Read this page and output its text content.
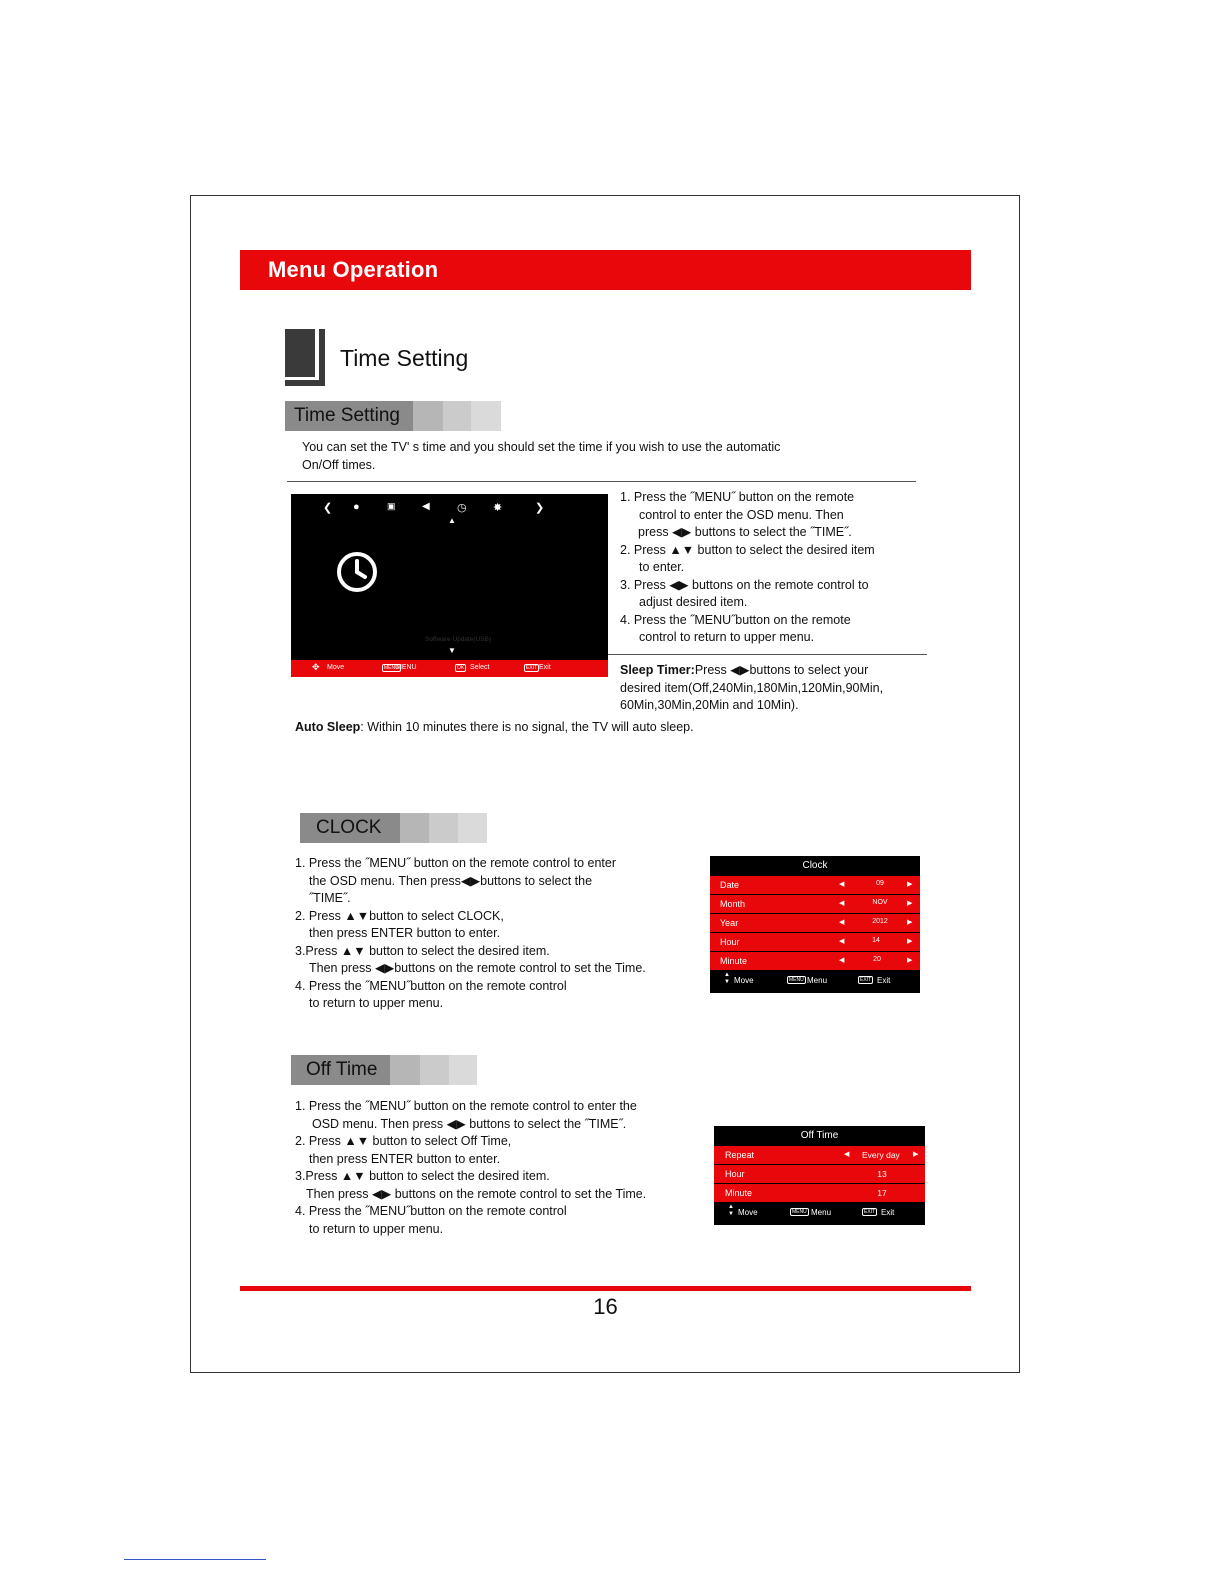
Menu Operation
Time Setting
Time Setting
You can set the TV' s time and you should set the time if you wish to use the automatic
On/Off times.
❮ ●	▣	◀ ◷ ✸	❯
▲
Software Update(USB)
▼
✥ Move	MENU
MENU	OK Select	EXIT Exit
1. Press the ˝MENU˝ button on the remote
control to enter the OSD menu. Then
press ◀▶ buttons to select the ˝TIME˝.
2. Press ▲▼ button to select the desired item
to enter.
3. Press ◀▶ buttons on the remote control to
adjust desired item.
4. Press the ˝MENU˝button on the remote
control to return to upper menu.
Sleep Timer:Press ◀▶buttons to select your
desired item(Off,240Min,180Min,120Min,90Min,
60Min,30Min,20Min and 10Min).
Auto Sleep: Within 10 minutes there is no signal, the TV will auto sleep.
CLOCK
1. Press the ˝MENU˝ button on the remote control to enter
the OSD menu. Then press◀▶buttons to select the
˝TIME˝.
2. Press ▲▼button to select CLOCK,
then press ENTER button to enter.
3.Press ▲▼ button to select the desired item.
Then press ◀▶buttons on the remote control to set the Time.
4. Press the ˝MENU˝button on the remote control
to return to upper menu.
Clock
Date	◀	09	▶
Month	◀	NOV	▶
Year	◀	2012	▶
Hour	◀	14	▶
Minute	◀	20	▶
▲
▼ Move	MENU Menu	EXIT Exit
Off Time
1. Press the ˝MENU˝ button on the remote control to enter the
OSD menu. Then press ◀▶ buttons to select the ˝TIME˝.
2. Press ▲▼ button to select Off Time,
then press ENTER button to enter.
3.Press ▲▼ button to select the desired item.
Then press ◀▶ buttons on the remote control to set the Time.
4. Press the ˝MENU˝button on the remote control
to return to upper menu.
Off Time
Repeat	◀ Every day ▶
Hour	13
Minute	17
▲
▼ Move	MENU Menu	EXIT Exit
16
